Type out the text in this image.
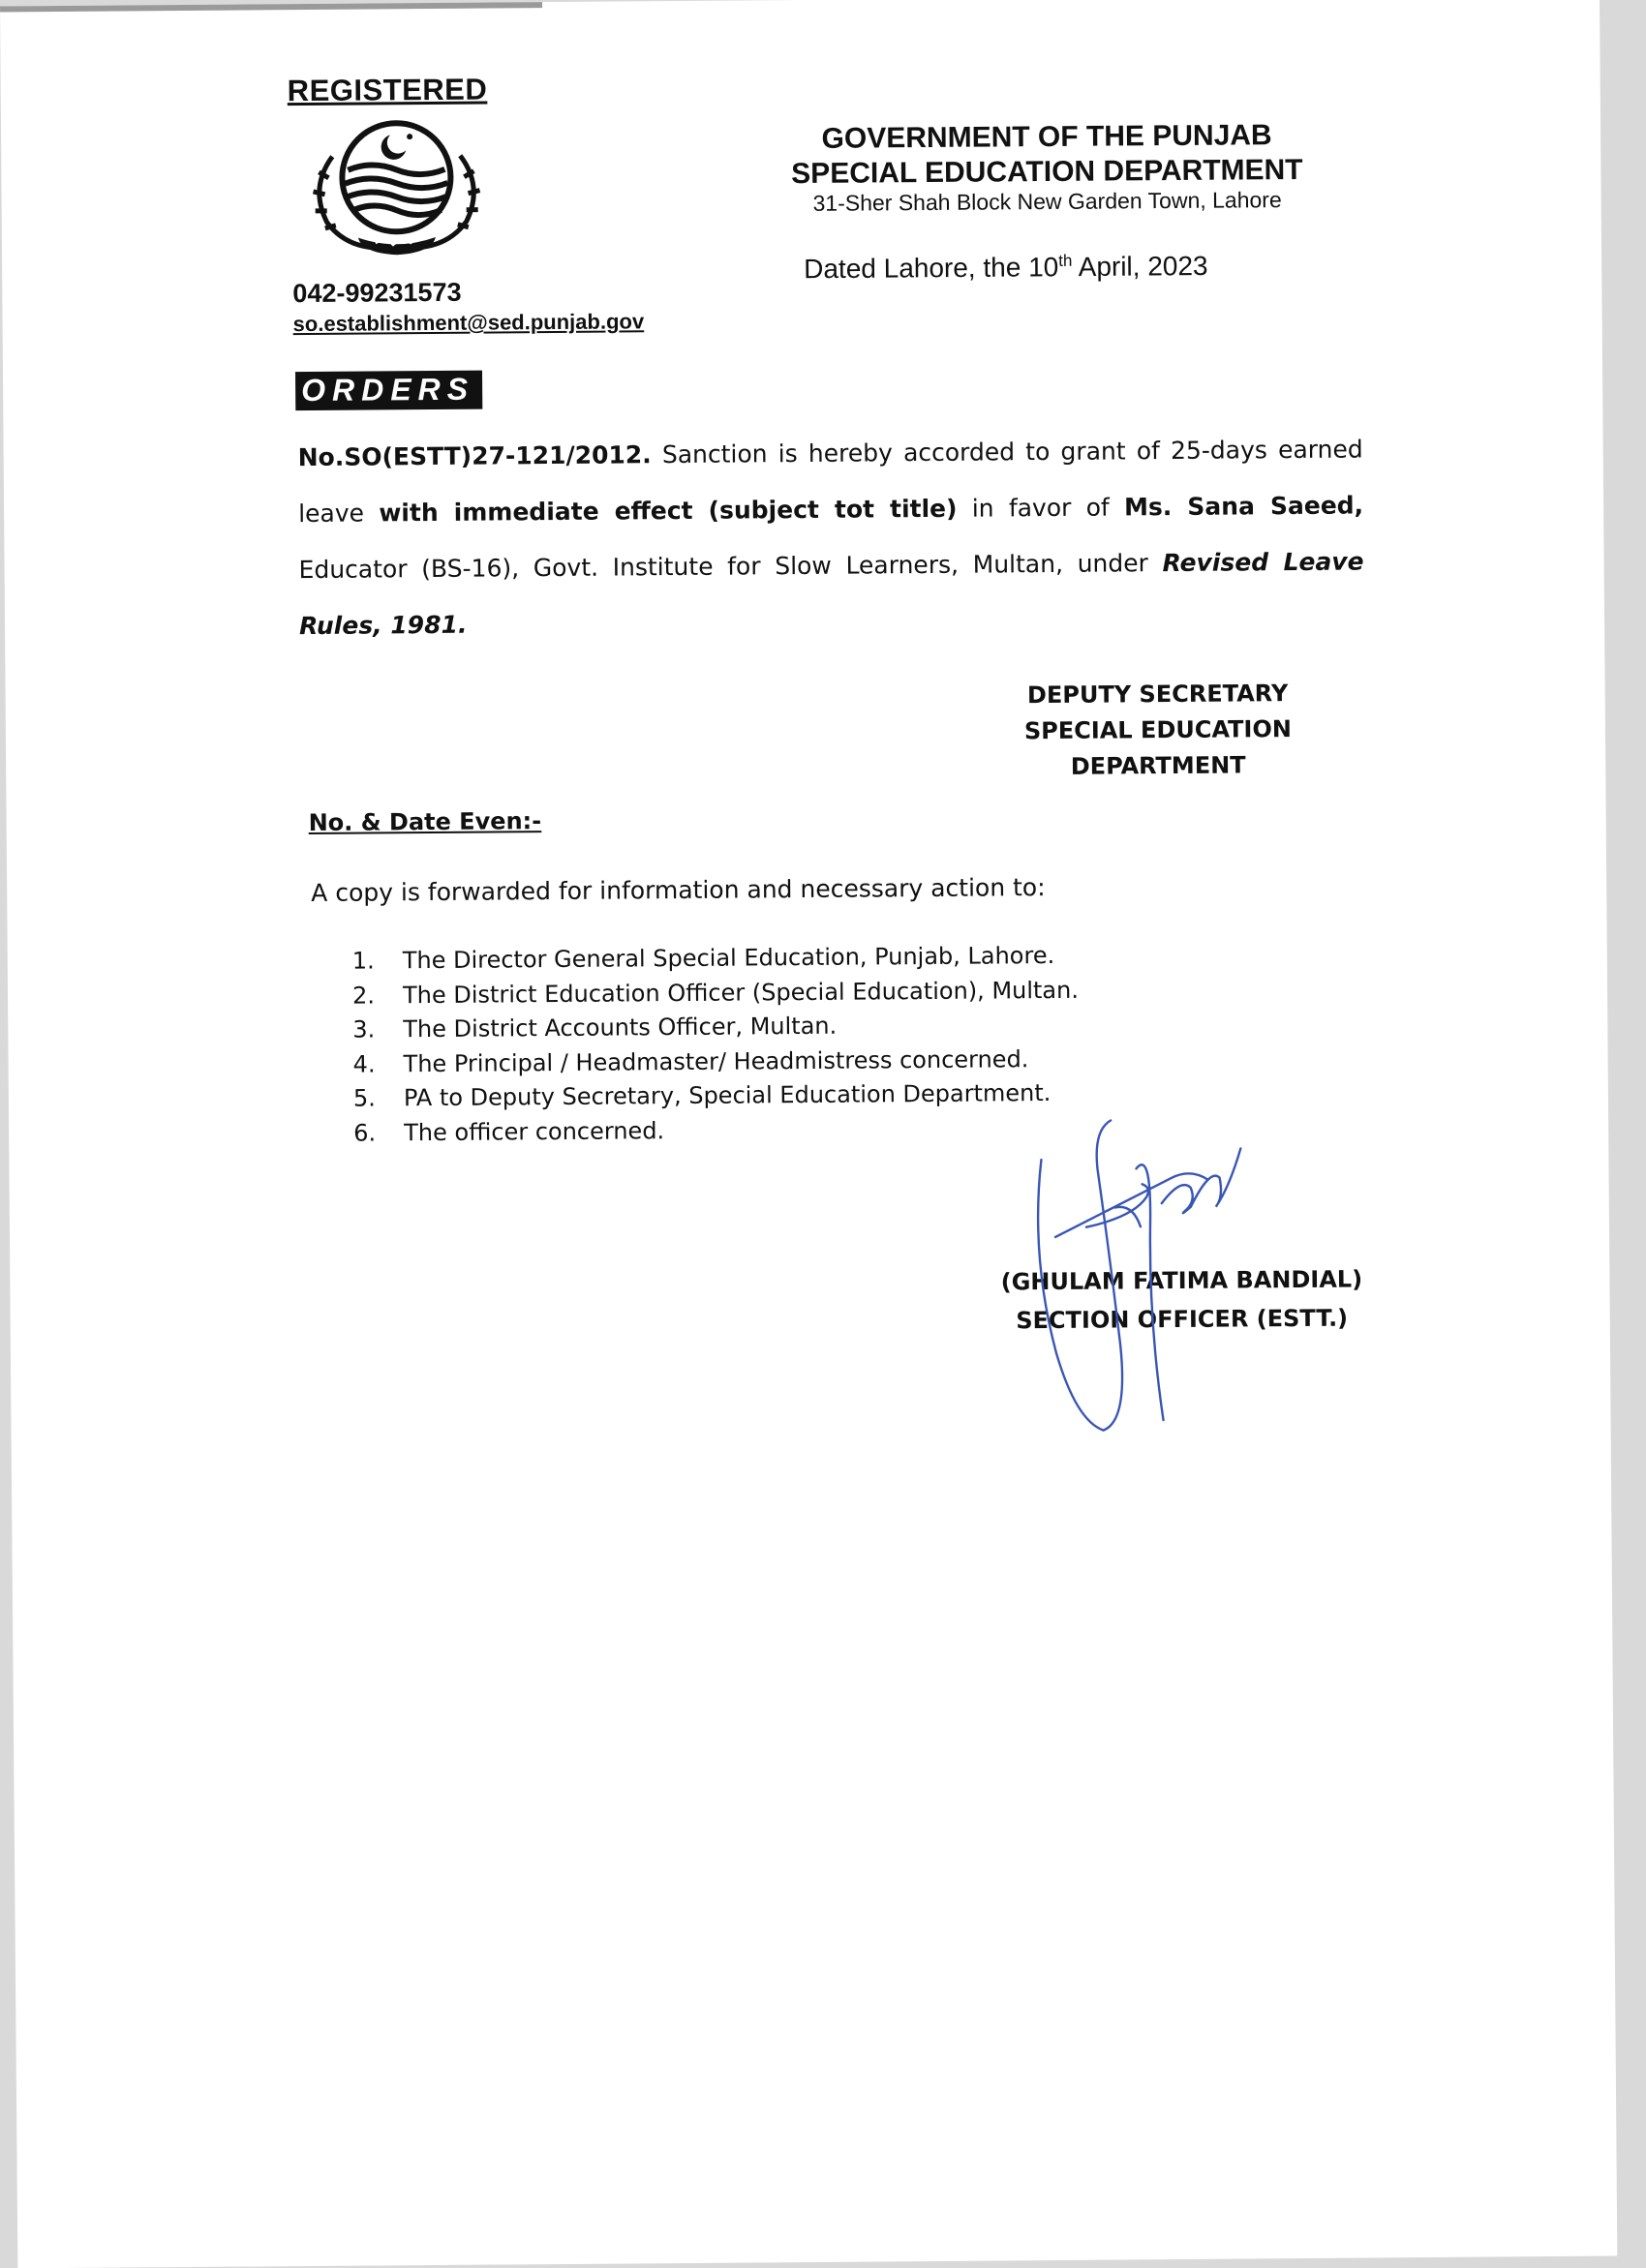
REGISTERED
042-99231573
so.establishment@sed.punjab.gov
GOVERNMENT OF THE PUNJAB
SPECIAL EDUCATION DEPARTMENT
31-Sher Shah Block New Garden Town, Lahore
Dated Lahore, the 10th April, 2023
ORDERS
No.SO(ESTT)27-121/2012. Sanction is hereby accorded to grant of 25-days earned leave with immediate effect (subject tot title) in favor of Ms. Sana Saeed, Educator (BS-16), Govt. Institute for Slow Learners, Multan, under Revised Leave Rules, 1981.
DEPUTY SECRETARY
SPECIAL EDUCATION
DEPARTMENT
No. & Date Even:-
A copy is forwarded for information and necessary action to:
1.	The Director General Special Education, Punjab, Lahore.
2.	The District Education Officer (Special Education), Multan.
3.	The District Accounts Officer, Multan.
4.	The Principal / Headmaster/ Headmistress concerned.
5.	PA to Deputy Secretary, Special Education Department.
6.	The officer concerned.
(GHULAM FATIMA BANDIAL)
SECTION OFFICER (ESTT.)
